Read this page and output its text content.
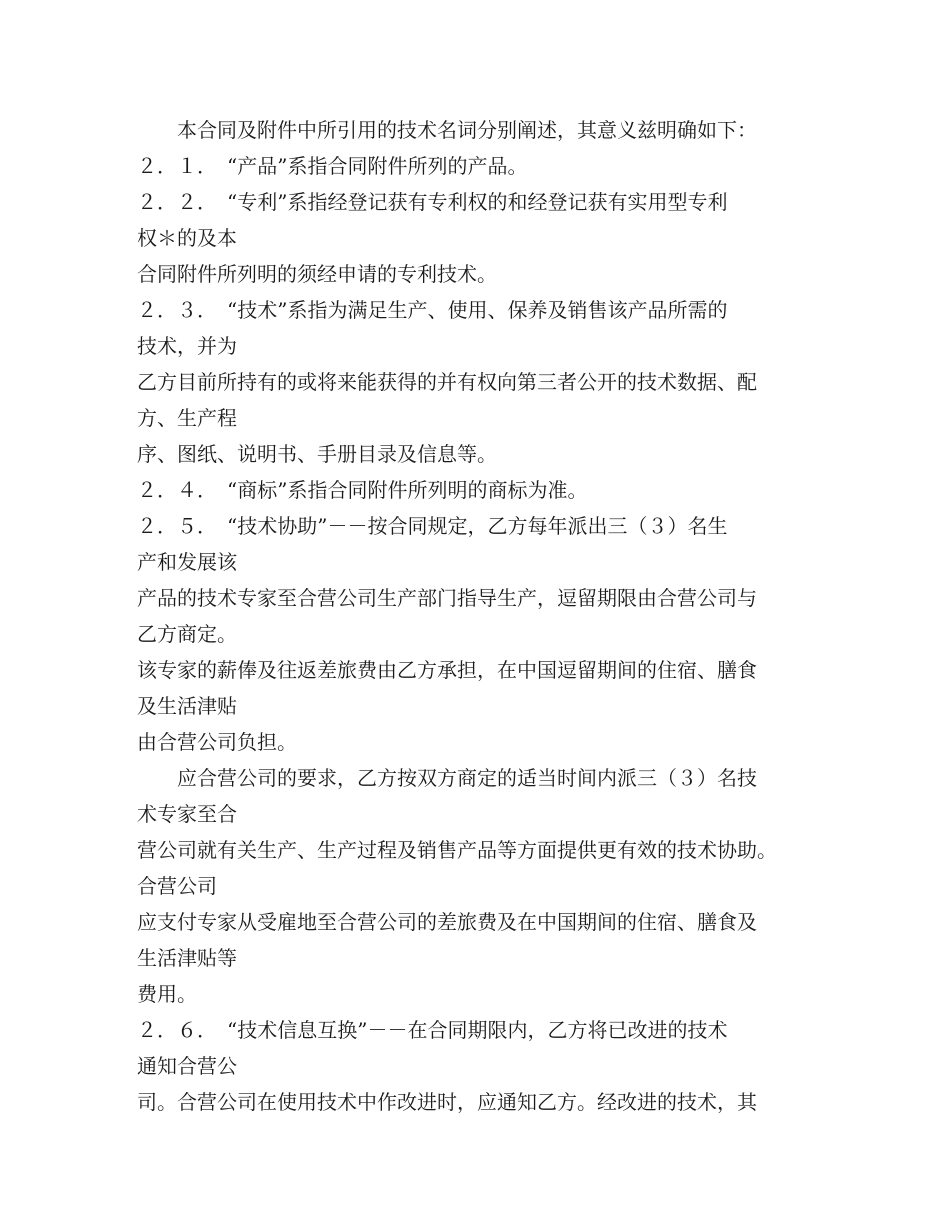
　　本合同及附件中所引用的技术名词分别阐述，其意义兹明确如下：
２．１．　“产品”系指合同附件所列的产品。
２．２．　“专利”系指经登记获有专利权的和经登记获有实用型专利
权＊的及本
合同附件所列明的须经申请的专利技术。
２．３．　“技术”系指为满足生产、使用、保养及销售该产品所需的
技术，并为
乙方目前所持有的或将来能获得的并有权向第三者公开的技术数据、配
方、生产程
序、图纸、说明书、手册目录及信息等。
２．４．　“商标”系指合同附件所列明的商标为准。
２．５．　“技术协助”－－按合同规定，乙方每年派出三（３）名生
产和发展该
产品的技术专家至合营公司生产部门指导生产，逗留期限由合营公司与
乙方商定。
该专家的薪俸及往返差旅费由乙方承担，在中国逗留期间的住宿、膳食
及生活津贴
由合营公司负担。
　　应合营公司的要求，乙方按双方商定的适当时间内派三（３）名技
术专家至合
营公司就有关生产、生产过程及销售产品等方面提供更有效的技术协助。
合营公司
应支付专家从受雇地至合营公司的差旅费及在中国期间的住宿、膳食及
生活津贴等
费用。
２．６．　“技术信息互换”－－在合同期限内，乙方将已改进的技术
通知合营公
司。合营公司在使用技术中作改进时，应通知乙方。经改进的技术，其
